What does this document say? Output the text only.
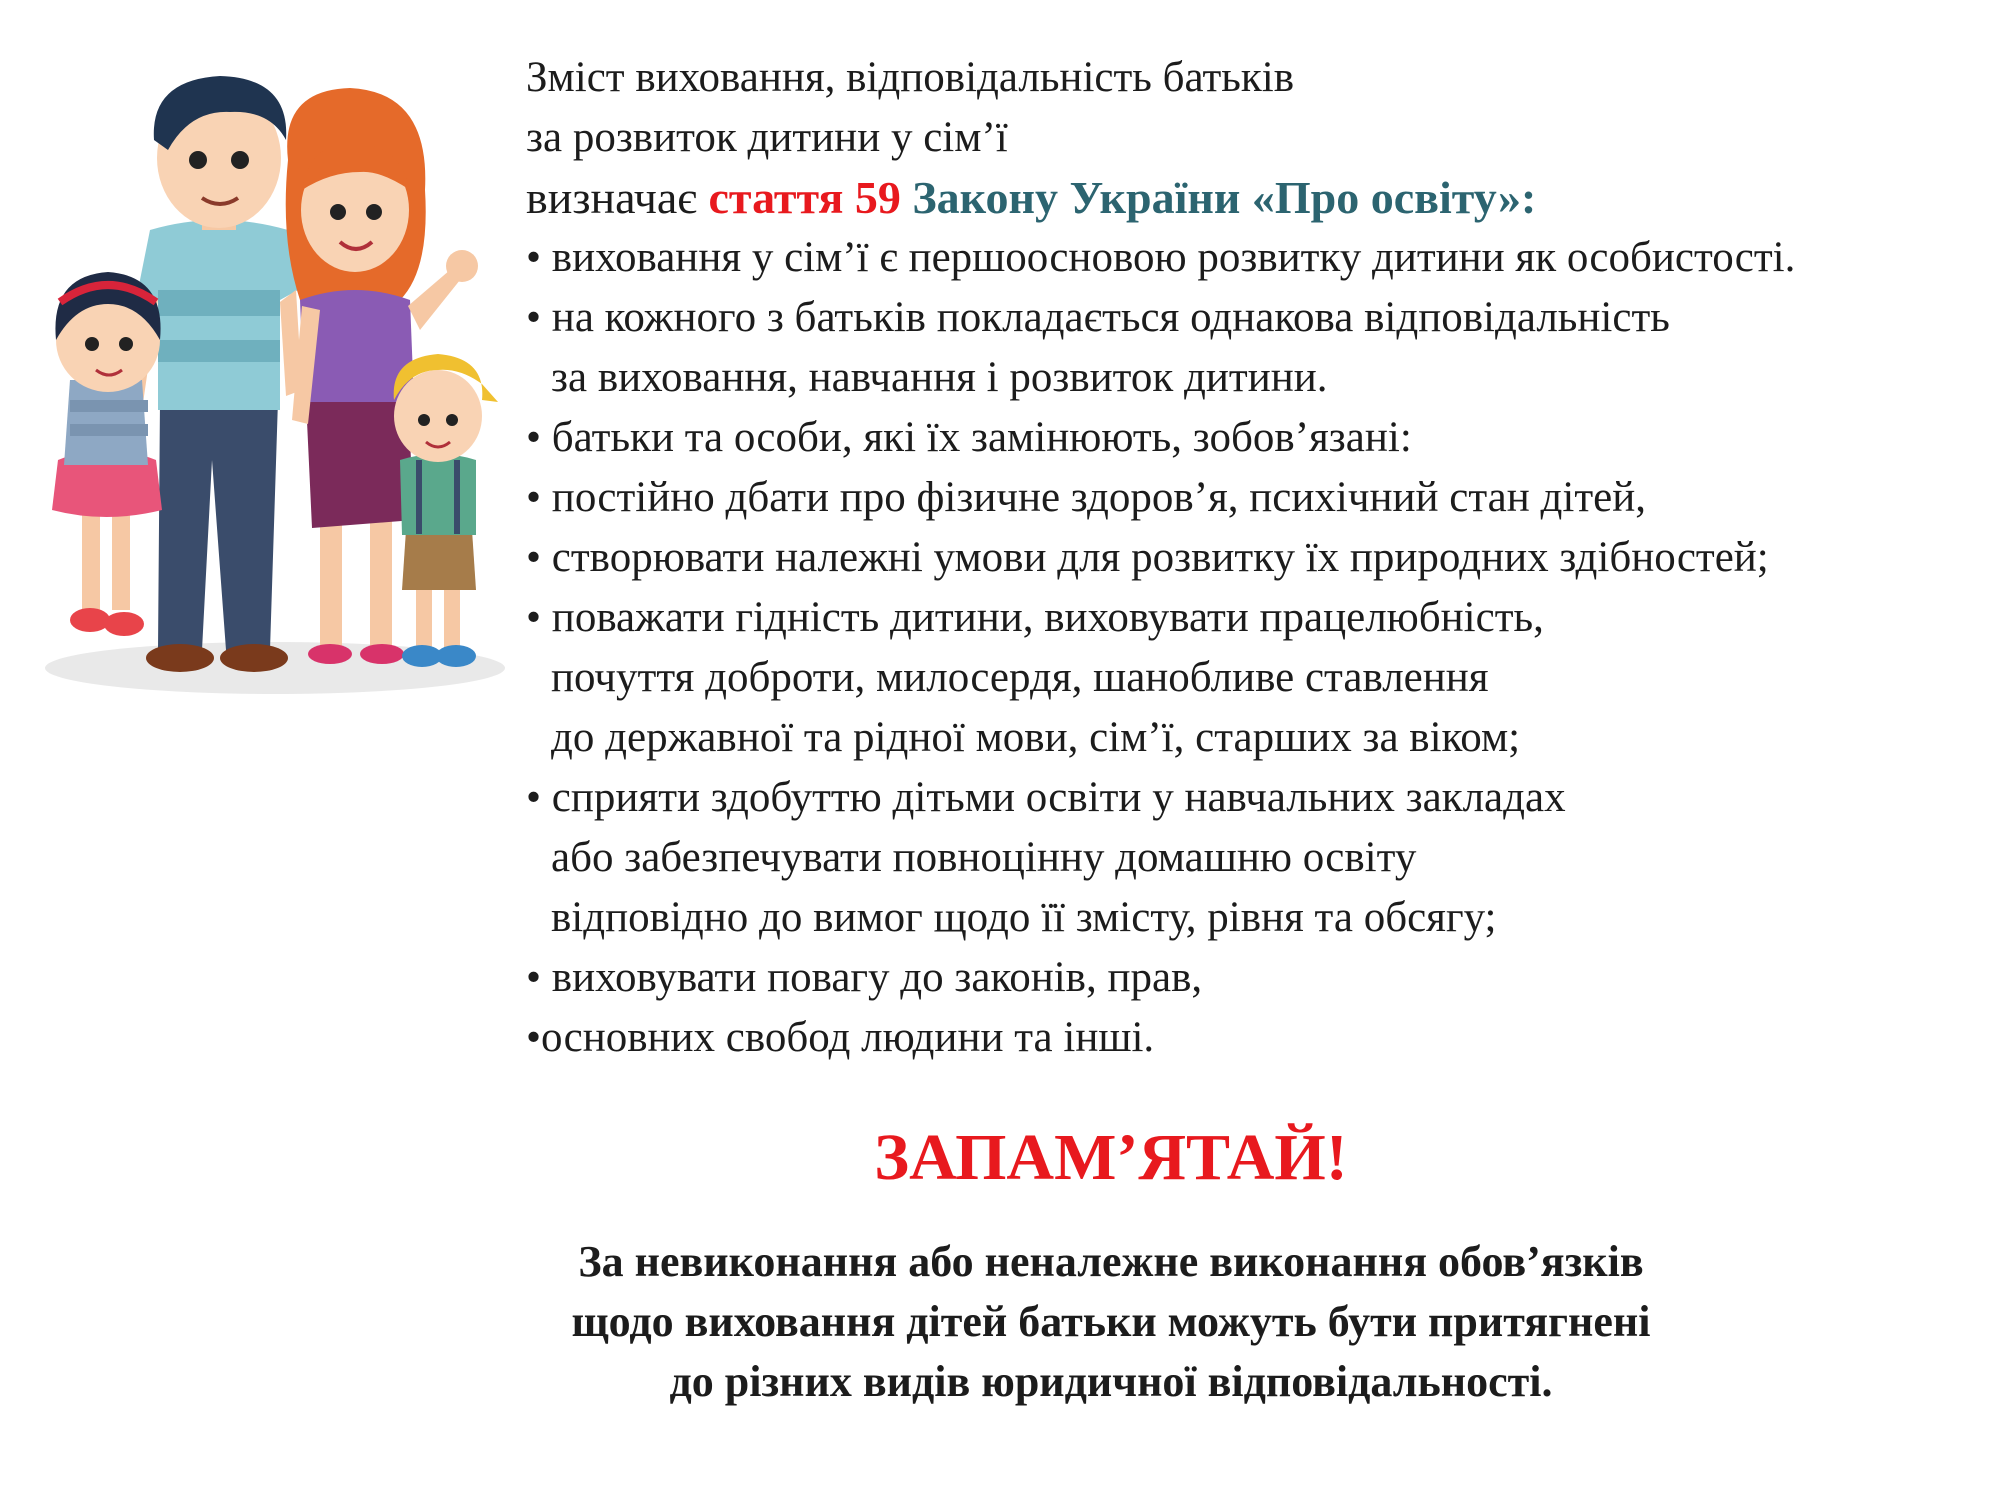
Зміст виховання, відповідальність батьків
за розвиток дитини у сім’ї
визначає стаття 59 Закону України «Про освіту»:
• виховання у сім’ї є першоосновою розвитку дитини як особистості.
• на кожного з батьків покладається однакова відповідальність
за виховання, навчання і розвиток дитини.
• батьки та особи, які їх замінюють, зобов’язані:
• постійно дбати про фізичне здоров’я, психічний стан дітей,
• створювати належні умови для розвитку їх природних здібностей;
• поважати гідність дитини, виховувати працелюбність,
почуття доброти, милосердя, шанобливе ставлення
до державної та рідної мови, сім’ї, старших за віком;
• сприяти здобуттю дітьми освіти у навчальних закладах
або забезпечувати повноцінну домашню освіту
відповідно до вимог щодо її змісту, рівня та обсягу;
• виховувати повагу до законів, прав,
•основних свобод людини та інші.
ЗАПАМ’ЯТАЙ!
За невиконання або неналежне виконання обов’язків
щодо виховання дітей батьки можуть бути притягнені
до різних видів юридичної відповідальності.
